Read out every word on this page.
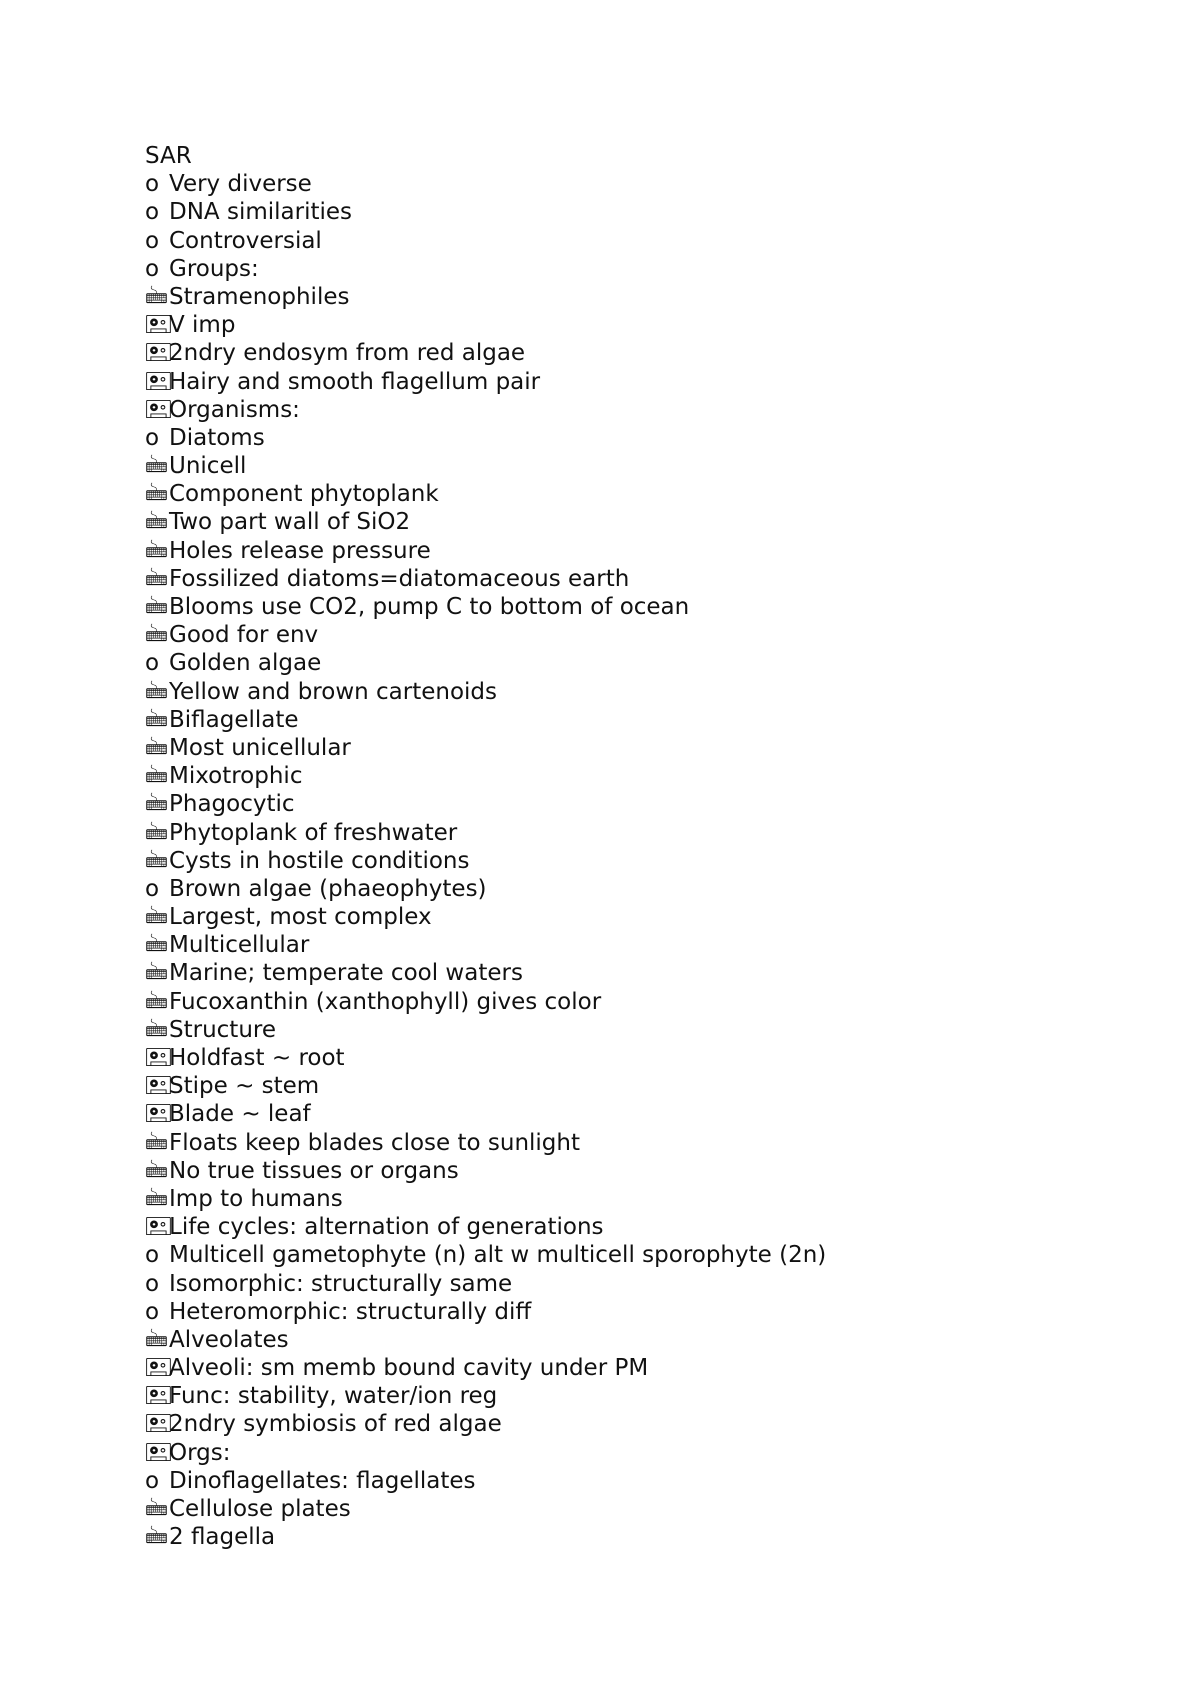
SAR
o Very diverse
o DNA similarities
o Controversial
o Groups:
🖮Stramenophiles
🖭V imp
🖭2ndry endosym from red algae
🖭Hairy and smooth flagellum pair
🖭Organisms:
o Diatoms
🖮Unicell
🖮Component phytoplank
🖮Two part wall of SiO2
🖮Holes release pressure
🖮Fossilized diatoms=diatomaceous earth
🖮Blooms use CO2, pump C to bottom of ocean
🖮Good for env
o Golden algae
🖮Yellow and brown cartenoids
🖮Biflagellate
🖮Most unicellular
🖮Mixotrophic
🖮Phagocytic
🖮Phytoplank of freshwater
🖮Cysts in hostile conditions
o Brown algae (phaeophytes)
🖮Largest, most complex
🖮Multicellular
🖮Marine; temperate cool waters
🖮Fucoxanthin (xanthophyll) gives color
🖮Structure
🖭Holdfast ~ root
🖭Stipe ~ stem
🖭Blade ~ leaf
🖮Floats keep blades close to sunlight
🖮No true tissues or organs
🖮Imp to humans
🖭Life cycles: alternation of generations
o Multicell gametophyte (n) alt w multicell sporophyte (2n)
o Isomorphic: structurally same
o Heteromorphic: structurally diff
🖮Alveolates
🖭Alveoli: sm memb bound cavity under PM
🖭Func: stability, water/ion reg
🖭2ndry symbiosis of red algae
🖭Orgs:
o Dinoflagellates: flagellates
🖮Cellulose plates
🖮2 flagella
